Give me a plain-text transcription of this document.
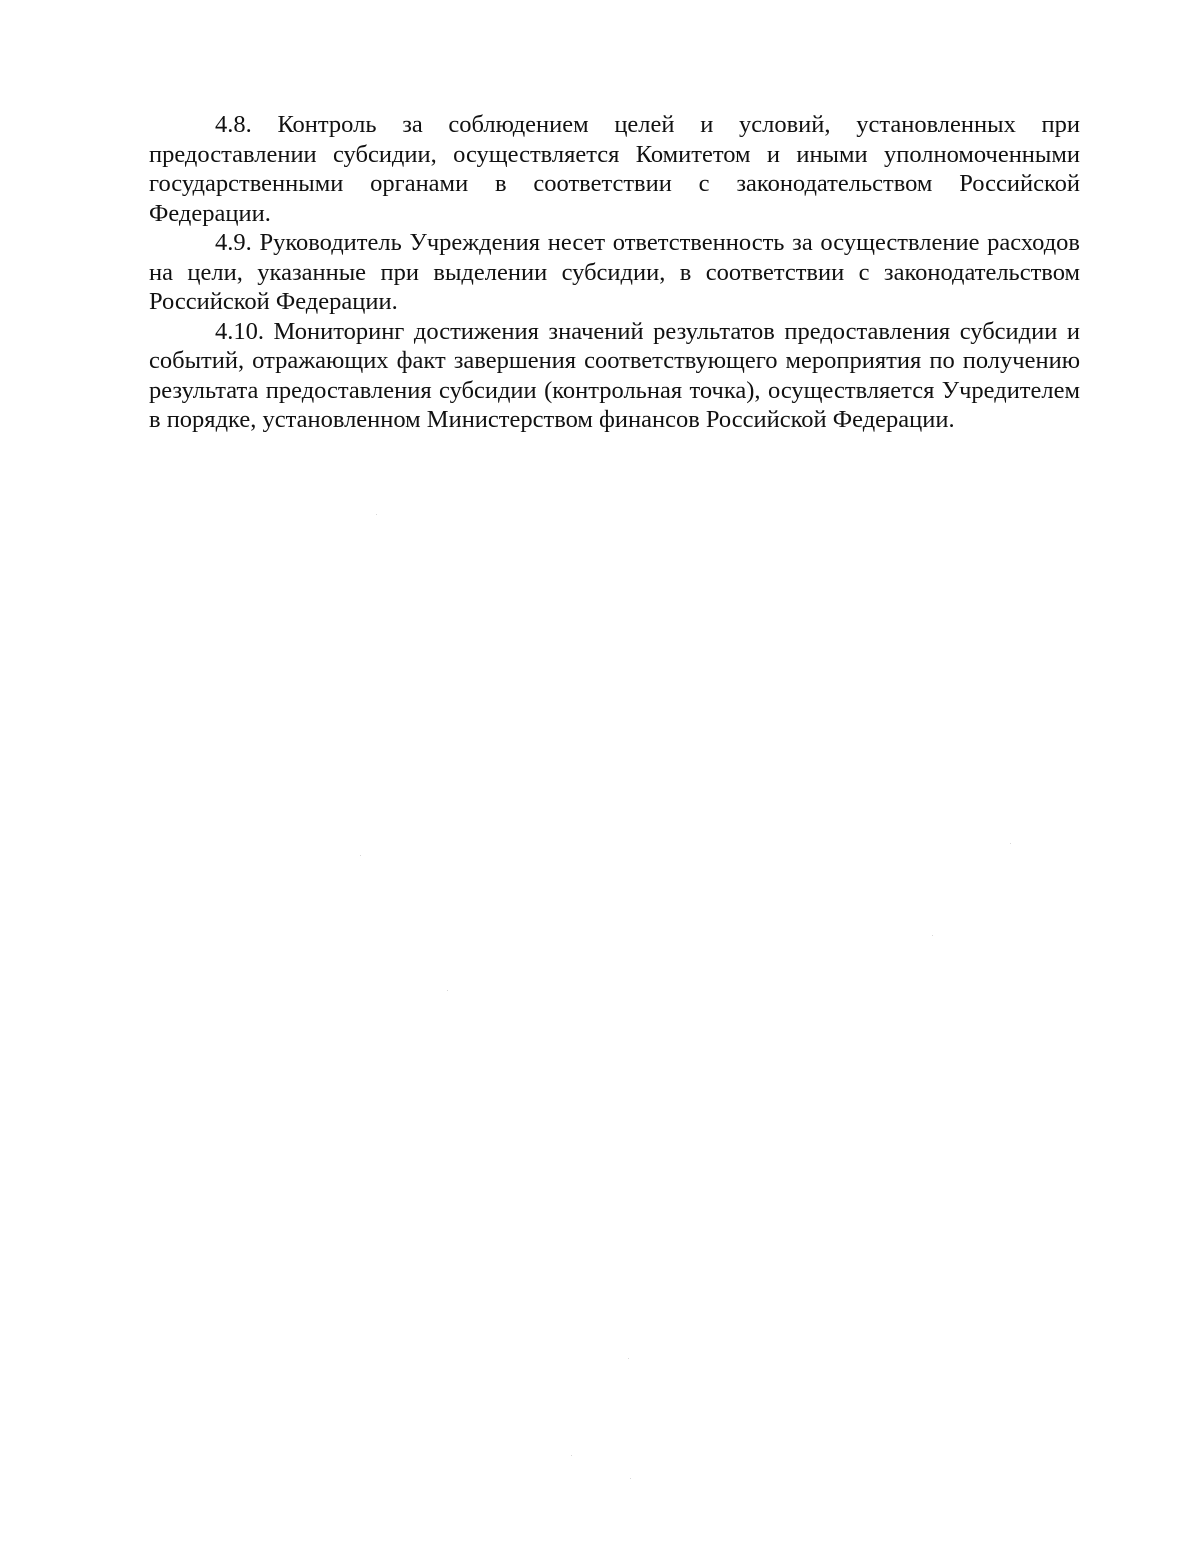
4.8. Контроль за соблюдением целей и условий, установленных при предоставлении субсидии, осуществляется Комитетом и иными уполномоченными государственными органами в соответствии с законодательством Российской Федерации.

4.9. Руководитель Учреждения несет ответственность за осуществление расходов на цели, указанные при выделении субсидии, в соответствии с законодательством Российской Федерации.

4.10. Мониторинг достижения значений результатов предоставления субсидии и событий, отражающих факт завершения соответствующего мероприятия по получению результата предоставления субсидии (контрольная точка), осуществляется Учредителем в порядке, установленном Министерством финансов Российской Федерации.
